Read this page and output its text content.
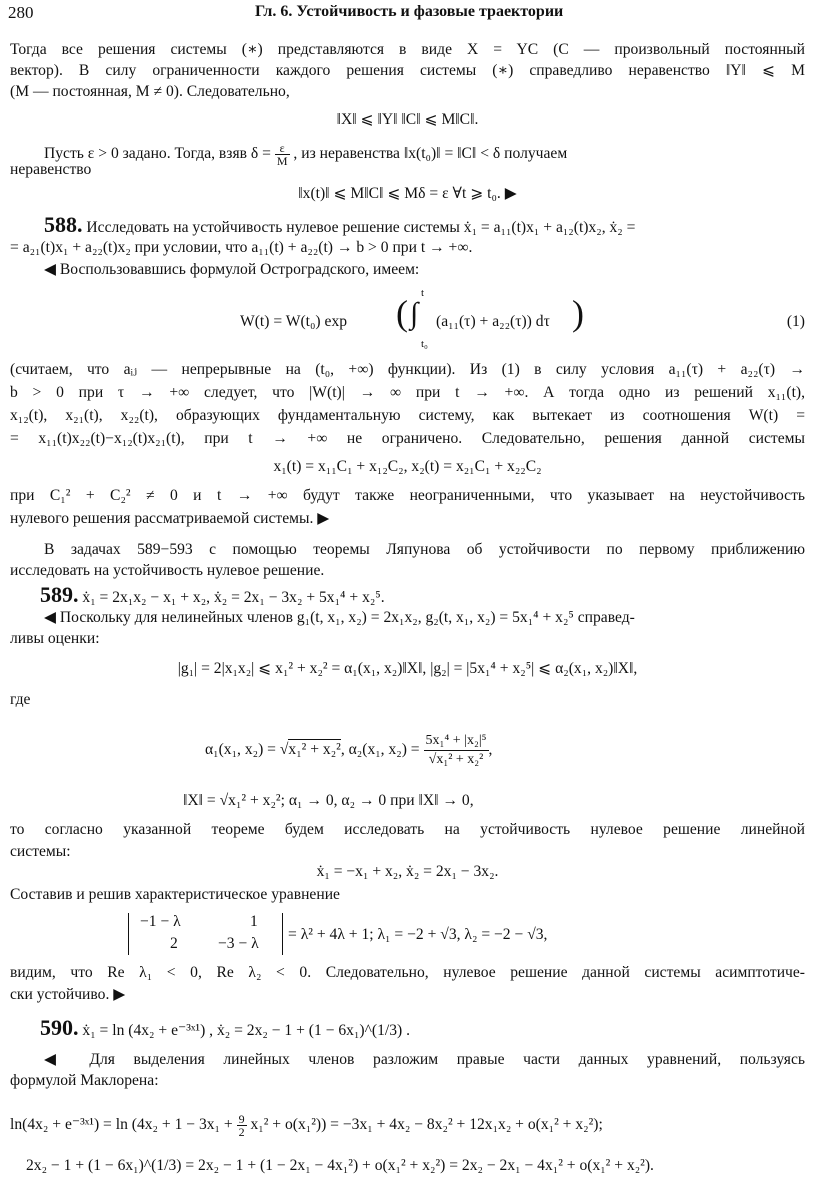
280	Гл. 6. Устойчивость и фазовые траектории
Тогда все решения системы (∗) представляются в виде X = YC (C — произвольный постоянный
вектор). В силу ограниченности каждого решения системы (∗) справедливо неравенство ‖Y‖ ⩽ M
(M — постоянная, M ≠ 0). Следовательно,
‖X‖ ⩽ ‖Y‖ ‖C‖ ⩽ M‖C‖.
Пусть ε > 0 задано. Тогда, взяв $\delta = \frac{\varepsilon}{M}$ , из неравенства ‖x(t₀)‖ = ‖C‖ < δ получаем
неравенство
‖x(t)‖ ⩽ M‖C‖ ⩽ Mδ = ε ∀t ⩾ t₀. ▶
588. Исследовать на устойчивость нулевое решение системы ẋ₁ = a₁₁(t)x₁ + a₁₂(t)x₂, ẋ₂ =
= a₂₁(t)x₁ + a₂₂(t)x₂ при условии, что a₁₁(t) + a₂₂(t) → b > 0 при t → +∞.
◀ Воспользовавшись формулой Остроградского, имеем:
W(t) = W(t₀) exp	( t
∫
t₀
(a₁₁(τ) + a₂₂(τ)) dτ )	(1)
(считаем, что aᵢⱼ — непрерывные на (t₀, +∞) функции). Из (1) в силу условия a₁₁(τ) + a₂₂(τ) →
b > 0 при τ → +∞ следует, что |W(t)| → ∞ при t → +∞. А тогда одно из решений x₁₁(t),
x₁₂(t), x₂₁(t), x₂₂(t), образующих фундаментальную систему, как вытекает из соотношения W(t) =
= x₁₁(t)x₂₂(t)−x₁₂(t)x₂₁(t), при t → +∞ не ограничено. Следовательно, решения данной системы
x₁(t) = x₁₁C₁ + x₁₂C₂, x₂(t) = x₂₁C₁ + x₂₂C₂
при C₁² + C₂² ≠ 0 и t → +∞ будут также неограниченными, что указывает на неустойчивость
нулевого решения рассматриваемой системы. ▶
В задачах 589−593 с помощью теоремы Ляпунова об устойчивости по первому приближению
исследовать на устойчивость нулевое решение.
589. ẋ₁ = 2x₁x₂ − x₁ + x₂, ẋ₂ = 2x₁ − 3x₂ + 5x₁⁴ + x₂⁵.
◀ Поскольку для нелинейных членов g₁(t, x₁, x₂) = 2x₁x₂, g₂(t, x₁, x₂) = 5x₁⁴ + x₂⁵ справед-
ливы оценки:
|g₁| = 2|x₁x₂| ⩽ x₁² + x₂² = α₁(x₁, x₂)‖X‖, |g₂| = |5x₁⁴ + x₂⁵| ⩽ α₂(x₁, x₂)‖X‖,
где
α₁(x₁, x₂) = √x₁² + x₂², α₂(x₁, $x_2) = \frac{\text{5x₁⁴ + |x₂|⁵}}{\text{√x₁² + x₂²}}$ ,
‖X‖ = √x₁² + x₂²; α₁ → 0, α₂ → 0 при ‖X‖ → 0,
то согласно указанной теореме будем исследовать на устойчивость нулевое решение линейной
системы:
ẋ₁ = −x₁ + x₂, ẋ₂ = 2x₁ − 3x₂.
Составив и решив характеристическое уравнение
−1 − λ	1
2	−3 − λ
= λ² + 4λ + 1; λ₁ = −2 + √3, λ₂ = −2 − √3,
видим, что Re λ₁ < 0, Re λ₂ < 0. Следовательно, нулевое решение данной системы асимптотиче-
ски устойчиво. ▶
590. ẋ₁ = ln (4x₂ + e⁻³ˣ¹) , ẋ₂ = 2x₂ − 1 + (1 − 6x₁)^(1/3) .
◀ Для выделения линейных членов разложим правые части данных уравнений, пользуясь
формулой Маклорена:
ln(4x₂ + e⁻³ˣ¹) = $\ln (4x_2 + 1 - 3x_1 + \frac{9}{2} x_1^2 + o(x_1^2)) = -3x_1 + 4x_2 - 8x_2^2 + 12x_1x_2 + o(x_1^2 + x_2^2)$;
2x₂ − 1 + (1 − 6x₁)^(1/3) = 2x₂ − 1 + (1 − 2x₁ − 4x₁²) + o(x₁² + x₂²) = 2x₂ − 2x₁ − 4x₁² + o(x₁² + x₂²).
